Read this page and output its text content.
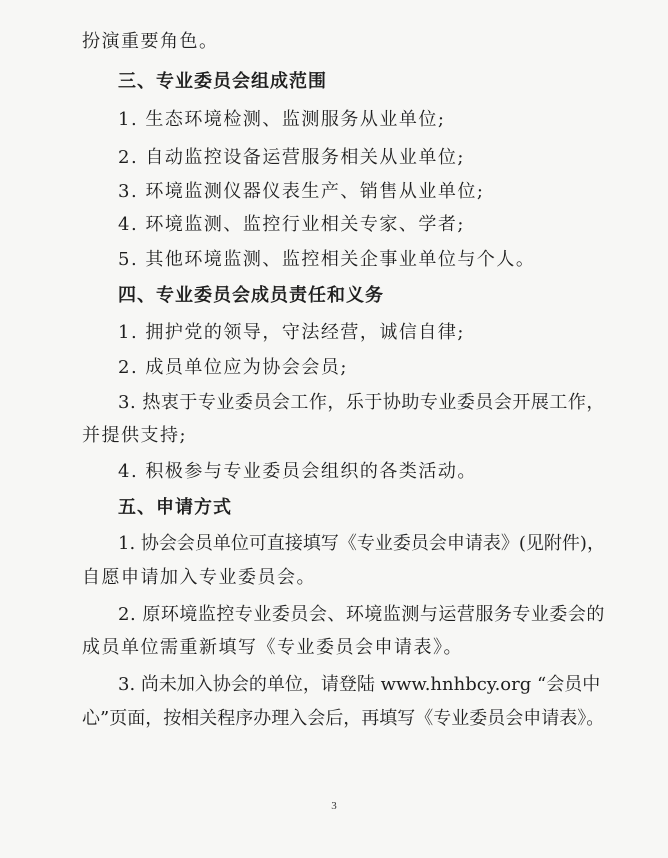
扮演重要角色。
三、专业委员会组成范围
1. 生态环境检测、监测服务从业单位;
2. 自动监控设备运营服务相关从业单位;
3. 环境监测仪器仪表生产、销售从业单位;
4. 环境监测、监控行业相关专家、学者;
5. 其他环境监测、监控相关企事业单位与个人。
四、专业委员会成员责任和义务
1. 拥护党的领导，守法经营，诚信自律;
2. 成员单位应为协会会员;
3. 热衷于专业委员会工作，乐于协助专业委员会开展工作，
并提供支持;
4. 积极参与专业委员会组织的各类活动。
五、申请方式
1. 协会会员单位可直接填写《专业委员会申请表》(见附件)，
自愿申请加入专业委员会。
2. 原环境监控专业委员会、环境监测与运营服务专业委会的
成员单位需重新填写《专业委员会申请表》。
3. 尚未加入协会的单位，请登陆 www.hnhbcy.org “会员中
心”页面，按相关程序办理入会后，再填写《专业委员会申请表》。
3
